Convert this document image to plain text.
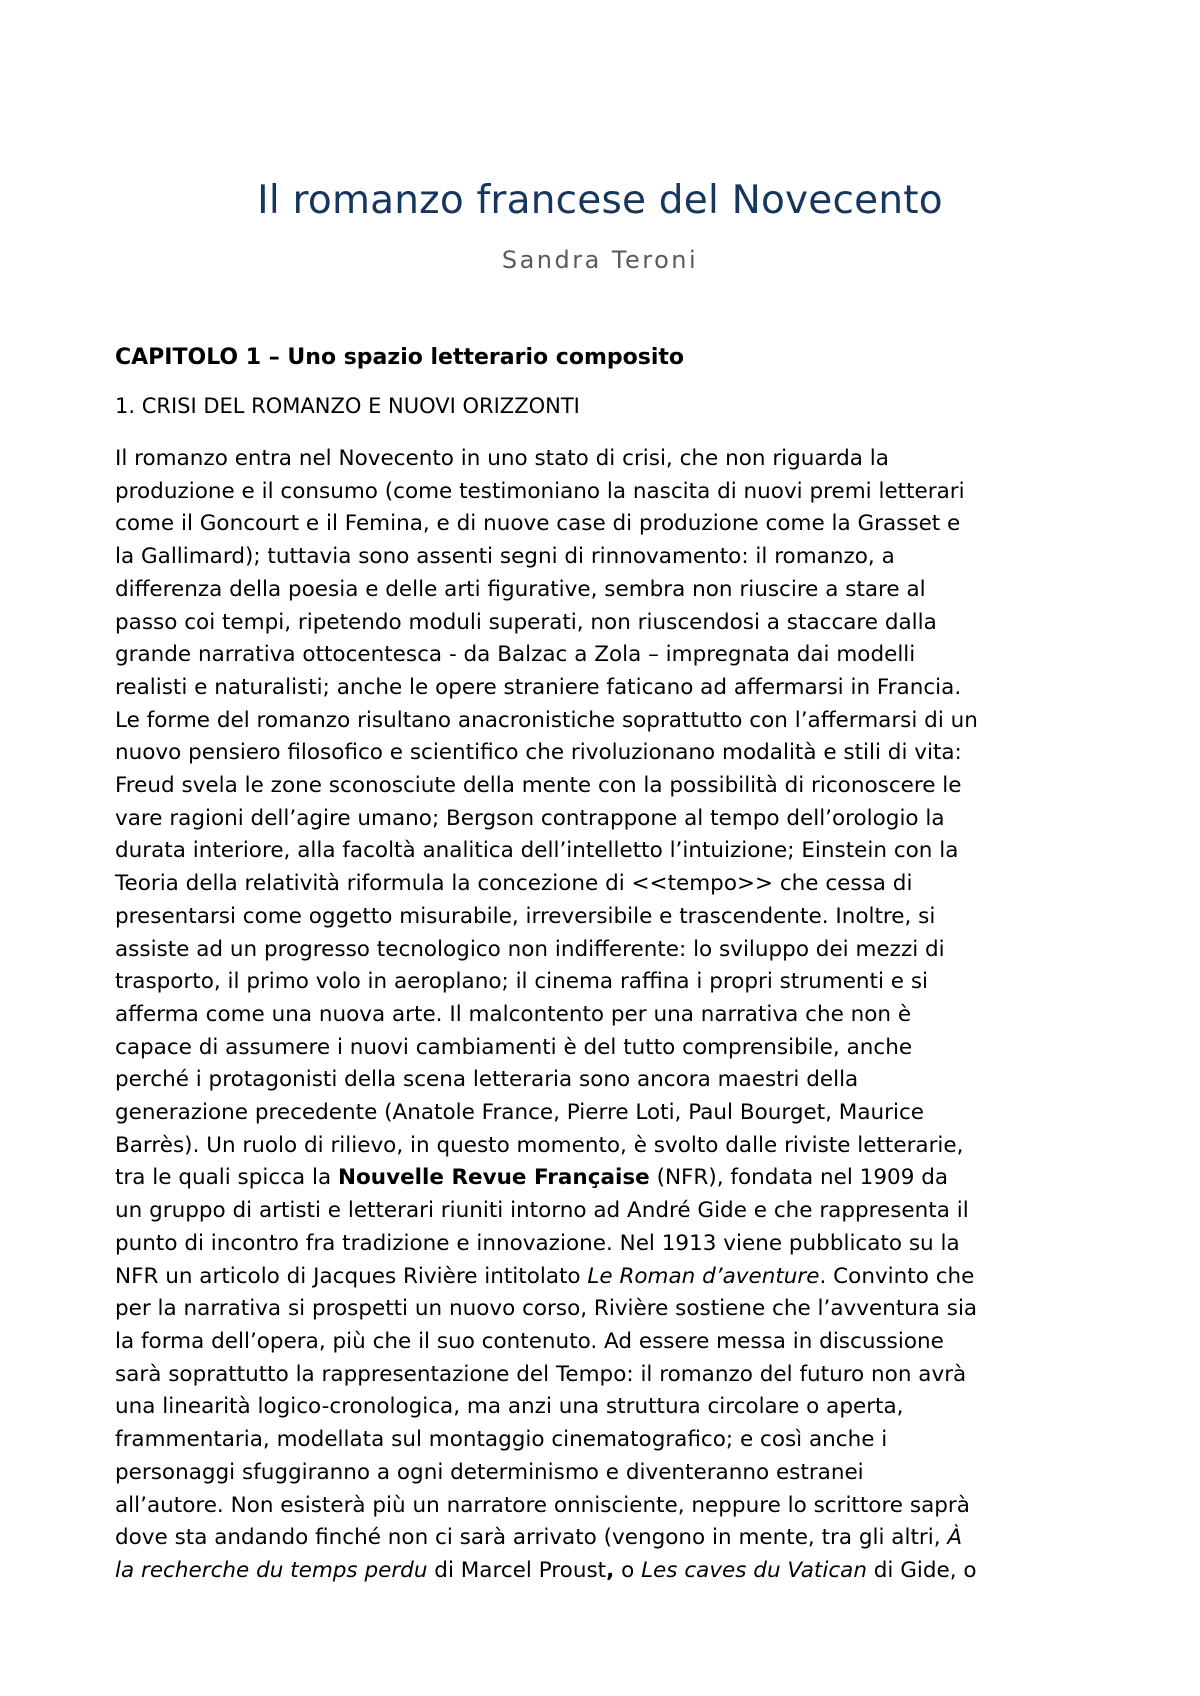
Il romanzo francese del Novecento
Sandra Teroni
CAPITOLO 1 – Uno spazio letterario composito
1. CRISI DEL ROMANZO E NUOVI ORIZZONTI
Il romanzo entra nel Novecento in uno stato di crisi, che non riguarda la
produzione e il consumo (come testimoniano la nascita di nuovi premi letterari
come il Goncourt e il Femina, e di nuove case di produzione come la Grasset e
la Gallimard); tuttavia sono assenti segni di rinnovamento: il romanzo, a
differenza della poesia e delle arti figurative, sembra non riuscire a stare al
passo coi tempi, ripetendo moduli superati, non riuscendosi a staccare dalla
grande narrativa ottocentesca - da Balzac a Zola – impregnata dai modelli
realisti e naturalisti; anche le opere straniere faticano ad affermarsi in Francia.
Le forme del romanzo risultano anacronistiche soprattutto con l’affermarsi di un
nuovo pensiero filosofico e scientifico che rivoluzionano modalità e stili di vita:
Freud svela le zone sconosciute della mente con la possibilità di riconoscere le
vare ragioni dell’agire umano; Bergson contrappone al tempo dell’orologio la
durata interiore, alla facoltà analitica dell’intelletto l’intuizione; Einstein con la
Teoria della relatività riformula la concezione di <<tempo>> che cessa di
presentarsi come oggetto misurabile, irreversibile e trascendente. Inoltre, si
assiste ad un progresso tecnologico non indifferente: lo sviluppo dei mezzi di
trasporto, il primo volo in aeroplano; il cinema raffina i propri strumenti e si
afferma come una nuova arte. Il malcontento per una narrativa che non è
capace di assumere i nuovi cambiamenti è del tutto comprensibile, anche
perché i protagonisti della scena letteraria sono ancora maestri della
generazione precedente (Anatole France, Pierre Loti, Paul Bourget, Maurice
Barrès). Un ruolo di rilievo, in questo momento, è svolto dalle riviste letterarie,
tra le quali spicca la Nouvelle Revue Française (NFR), fondata nel 1909 da
un gruppo di artisti e letterari riuniti intorno ad André Gide e che rappresenta il
punto di incontro fra tradizione e innovazione. Nel 1913 viene pubblicato su la
NFR un articolo di Jacques Rivière intitolato Le Roman d’aventure. Convinto che
per la narrativa si prospetti un nuovo corso, Rivière sostiene che l’avventura sia
la forma dell’opera, più che il suo contenuto. Ad essere messa in discussione
sarà soprattutto la rappresentazione del Tempo: il romanzo del futuro non avrà
una linearità logico-cronologica, ma anzi una struttura circolare o aperta,
frammentaria, modellata sul montaggio cinematografico; e così anche i
personaggi sfuggiranno a ogni determinismo e diventeranno estranei
all’autore. Non esisterà più un narratore onnisciente, neppure lo scrittore saprà
dove sta andando finché non ci sarà arrivato (vengono in mente, tra gli altri, À
la recherche du temps perdu di Marcel Proust, o Les caves du Vatican di Gide, o
